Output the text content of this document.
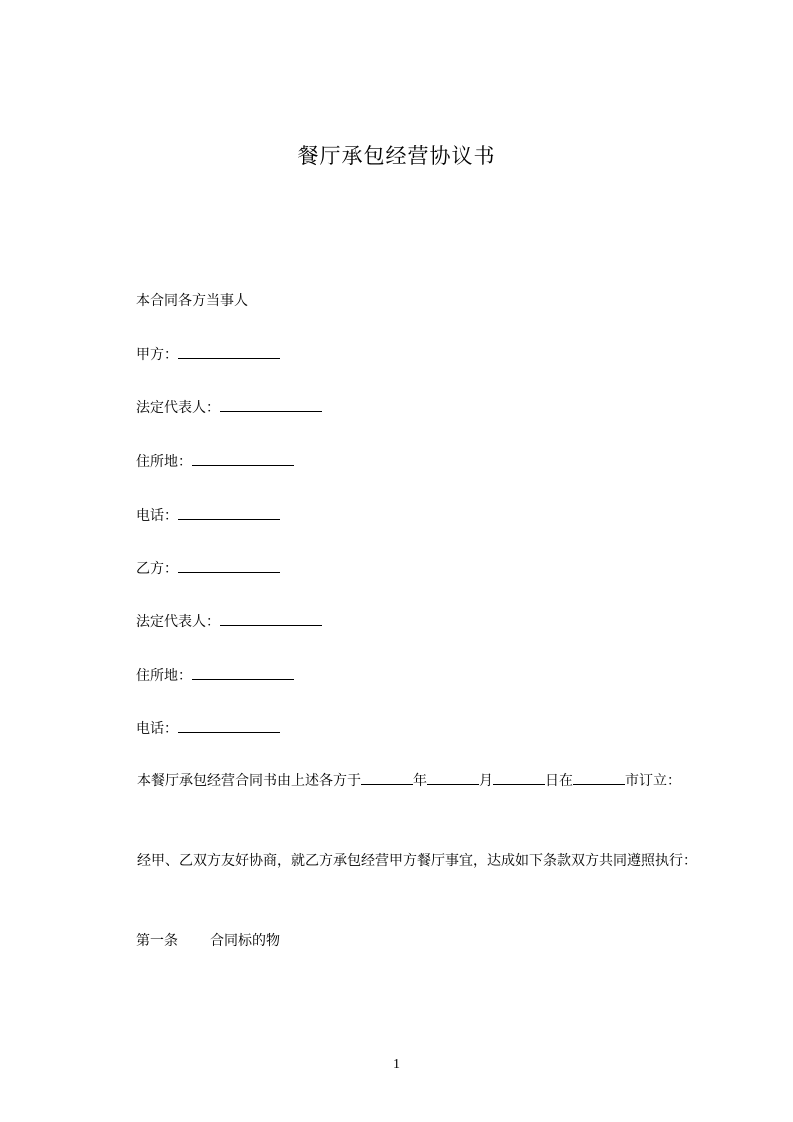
餐厅承包经营协议书
本合同各方当事人
甲方：
法定代表人：
住所地：
电话：
乙方：
法定代表人：
住所地：
电话：
本餐厅承包经营合同书由上述各方于	年	月	日在	市订立：
经甲、乙双方友好协商，就乙方承包经营甲方餐厅事宜，达成如下条款双方共同遵照执行：
第一条 合同标的物
1
